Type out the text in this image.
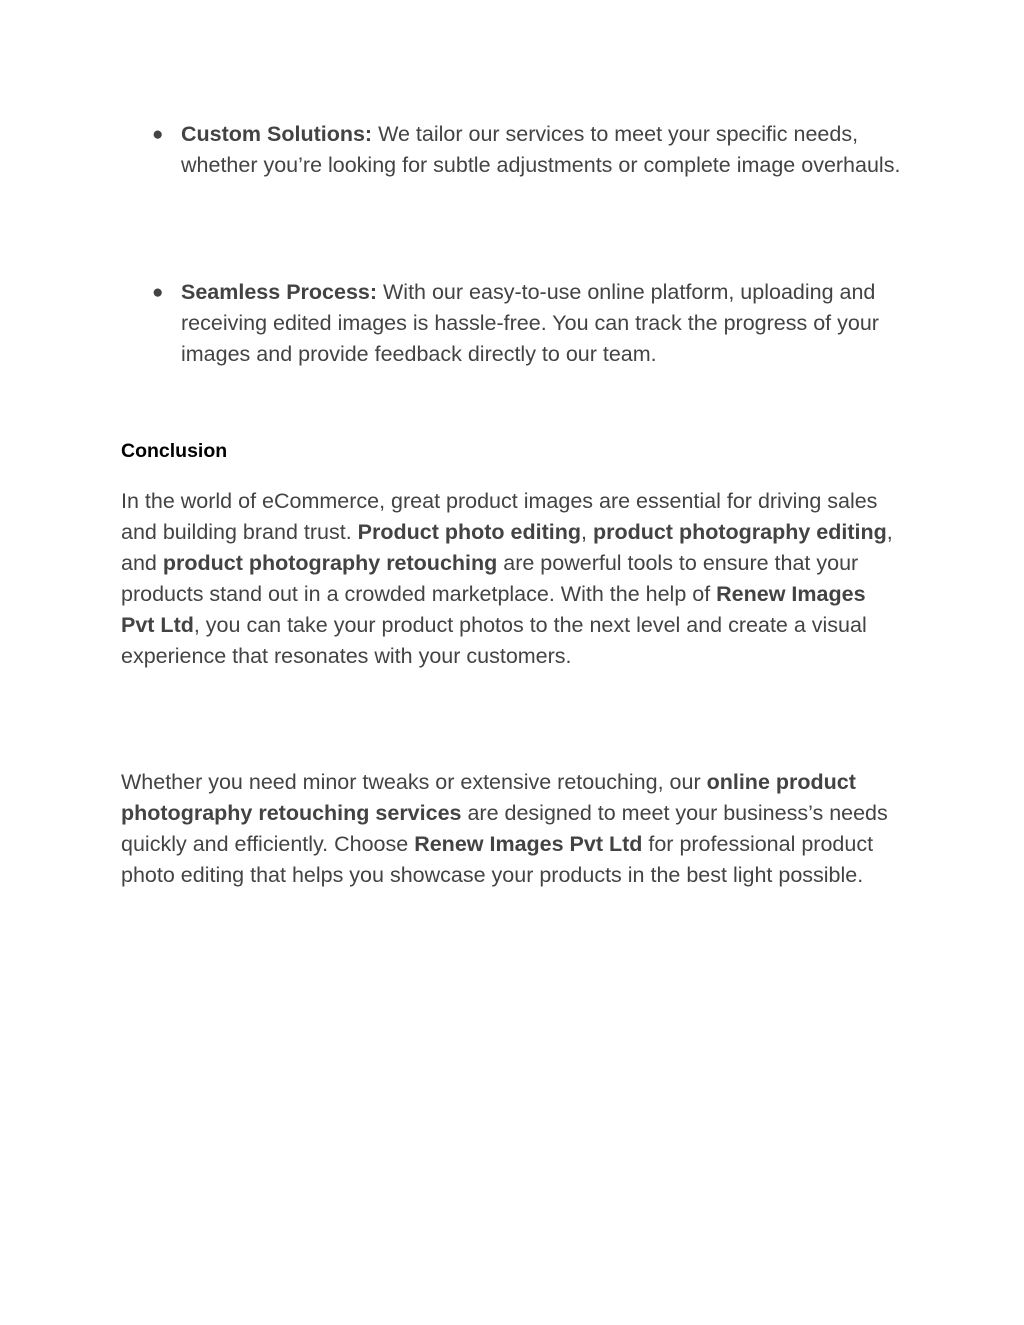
● Custom Solutions: We tailor our services to meet your specific needs, whether you’re looking for subtle adjustments or complete image overhauls.
● Seamless Process: With our easy-to-use online platform, uploading and receiving edited images is hassle-free. You can track the progress of your images and provide feedback directly to our team.
Conclusion
In the world of eCommerce, great product images are essential for driving sales and building brand trust. Product photo editing, product photography editing, and product photography retouching are powerful tools to ensure that your products stand out in a crowded marketplace. With the help of Renew Images Pvt Ltd, you can take your product photos to the next level and create a visual experience that resonates with your customers.
Whether you need minor tweaks or extensive retouching, our online product photography retouching services are designed to meet your business’s needs quickly and efficiently. Choose Renew Images Pvt Ltd for professional product photo editing that helps you showcase your products in the best light possible.
